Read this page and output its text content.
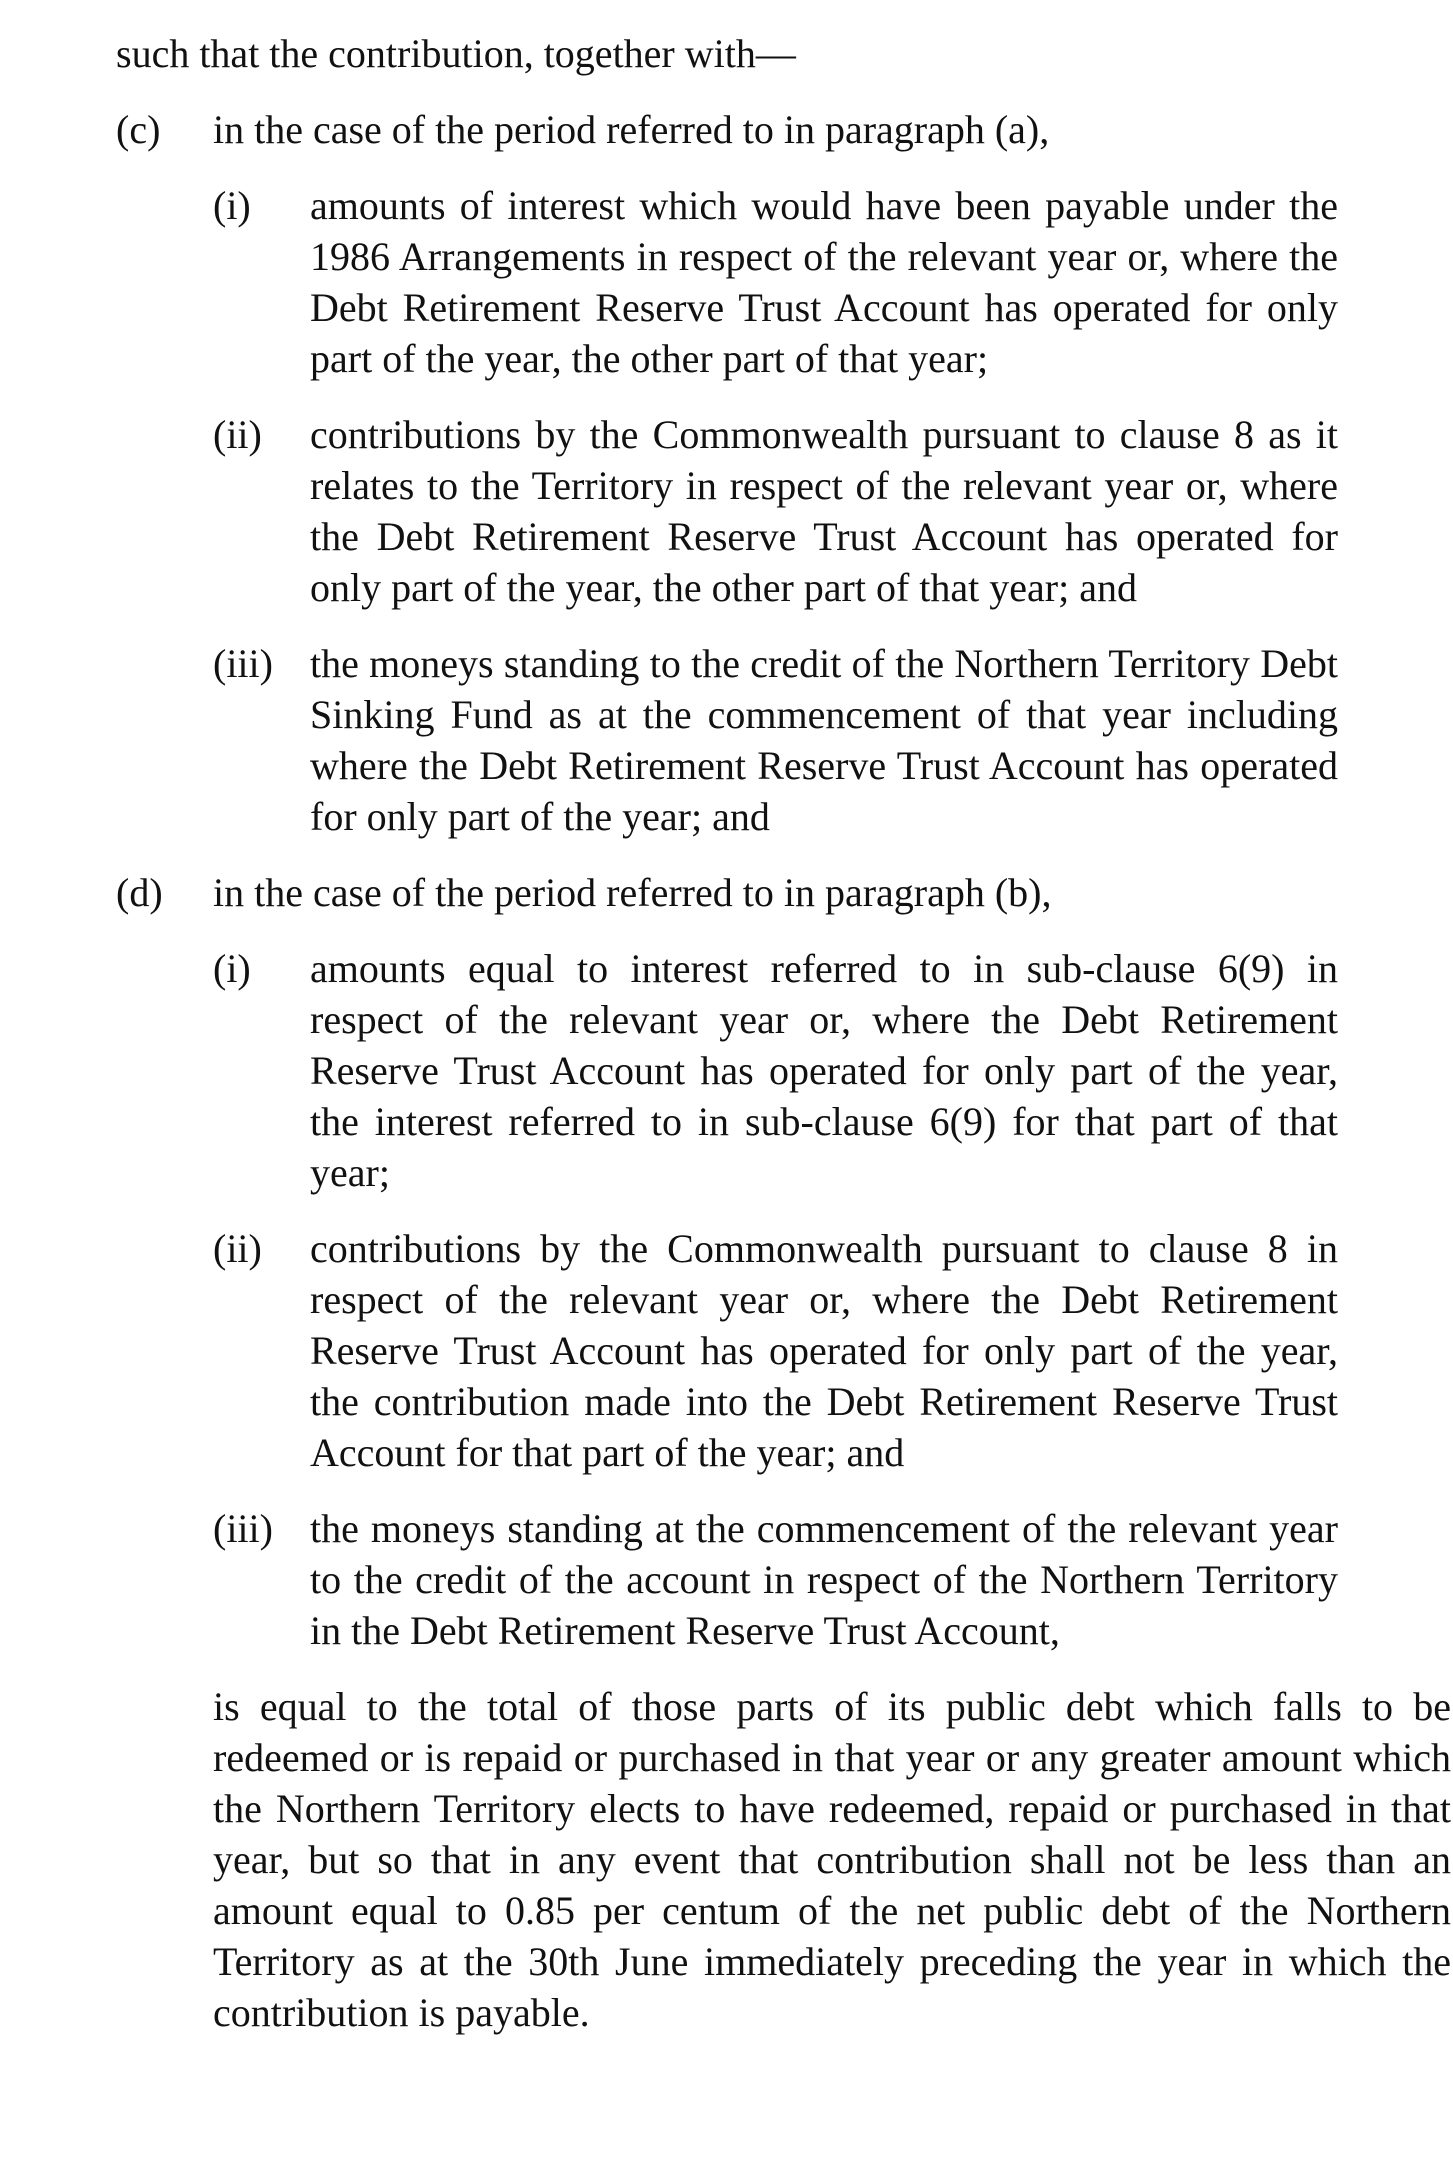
such that the contribution, together with—

(c) in the case of the period referred to in paragraph (a),

(i) amounts of interest which would have been payable under the 1986 Arrangements in respect of the relevant year or, where the Debt Retirement Reserve Trust Account has operated for only part of the year, the other part of that year;

(ii) contributions by the Commonwealth pursuant to clause 8 as it relates to the Territory in respect of the relevant year or, where the Debt Retirement Reserve Trust Account has operated for only part of the year, the other part of that year; and

(iii) the moneys standing to the credit of the Northern Territory Debt Sinking Fund as at the commencement of that year including where the Debt Retirement Reserve Trust Account has operated for only part of the year; and

(d) in the case of the period referred to in paragraph (b),

(i) amounts equal to interest referred to in sub-clause 6(9) in respect of the relevant year or, where the Debt Retirement Reserve Trust Account has operated for only part of the year, the interest referred to in sub-clause 6(9) for that part of that year;

(ii) contributions by the Commonwealth pursuant to clause 8 in respect of the relevant year or, where the Debt Retirement Reserve Trust Account has operated for only part of the year, the contribution made into the Debt Retirement Reserve Trust Account for that part of the year; and

(iii) the moneys standing at the commencement of the relevant year to the credit of the account in respect of the Northern Territory in the Debt Retirement Reserve Trust Account,

is equal to the total of those parts of its public debt which falls to be redeemed or is repaid or purchased in that year or any greater amount which the Northern Territory elects to have redeemed, repaid or purchased in that year, but so that in any event that contribution shall not be less than an amount equal to 0.85 per centum of the net public debt of the Northern Territory as at the 30th June immediately preceding the year in which the contribution is payable.
